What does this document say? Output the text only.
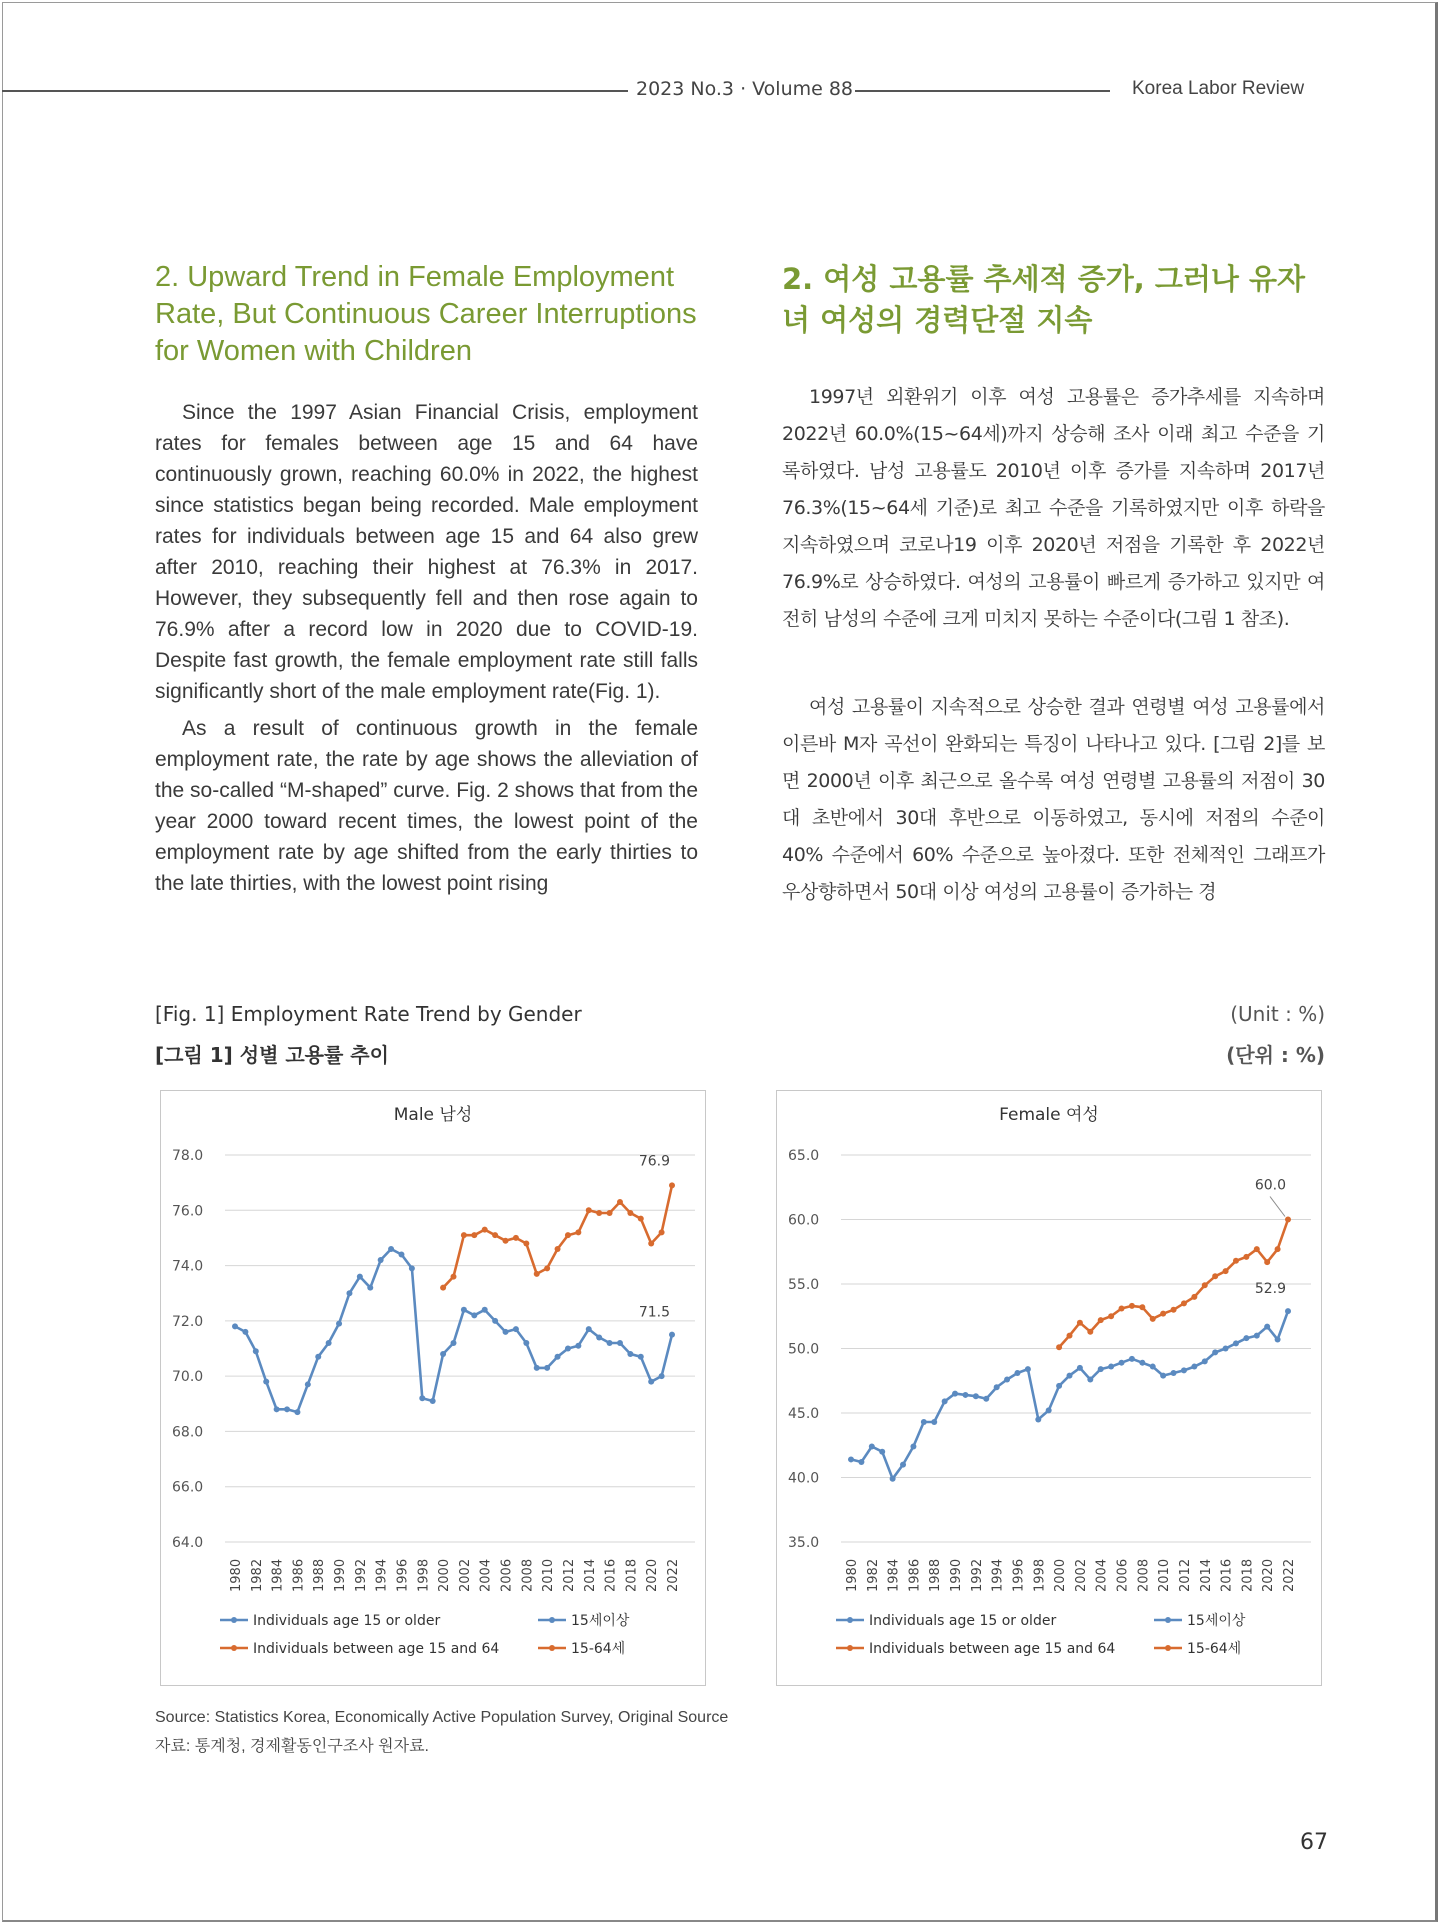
2023 No.3 · Volume 88	Korea Labor Review
2. Upward Trend in Female Employment Rate, But Continuous Career Interruptions for Women with Children

Since the 1997 Asian Financial Crisis, employment rates for females between age 15 and 64 have continuously grown, reaching 60.0% in 2022, the highest since statistics began being recorded. Male employment rates for individuals between age 15 and 64 also grew after 2010, reaching their highest at 76.3% in 2017. However, they subsequently fell and then rose again to 76.9% after a record low in 2020 due to COVID-19. Despite fast growth, the female employment rate still falls significantly short of the male employment rate(Fig. 1).

As a result of continuous growth in the female employment rate, the rate by age shows the alleviation of the so-called “M-shaped” curve. Fig. 2 shows that from the year 2000 toward recent times, the lowest point of the employment rate by age shifted from the early thirties to the late thirties, with the lowest point rising

2. 여성 고용률 추세적 증가, 그러나 유자녀 여성의 경력단절 지속

1997년 외환위기 이후 여성 고용률은 증가추세를 지속하며 2022년 60.0%(15~64세)까지 상승해 조사 이래 최고 수준을 기록하였다. 남성 고용률도 2010년 이후 증가를 지속하며 2017년 76.3%(15~64세 기준)로 최고 수준을 기록하였지만 이후 하락을 지속하였으며 코로나19 이후 2020년 저점을 기록한 후 2022년 76.9%로 상승하였다. 여성의 고용률이 빠르게 증가하고 있지만 여전히 남성의 수준에 크게 미치지 못하는 수준이다(그림 1 참조).

여성 고용률이 지속적으로 상승한 결과 연령별 여성 고용률에서 이른바 M자 곡선이 완화되는 특징이 나타나고 있다. [그림 2]를 보면 2000년 이후 최근으로 올수록 여성 연령별 고용률의 저점이 30대 초반에서 30대 후반으로 이동하였고, 동시에 저점의 수준이 40% 수준에서 60% 수준으로 높아졌다. 또한 전체적인 그래프가 우상향하면서 50대 이상 여성의 고용률이 증가하는 경

[Fig. 1] Employment Rate Trend by Gender
[그림 1] 성별 고용률 추이
(Unit : %)
(단위 : %)
Male 남성
64.0
66.0
68.0
70.0
72.0
74.0
76.0
78.0
1980 1982 1984 1986 1988 1990 1992 1994 1996 1998 2000 2002 2004 2006 2008 2010 2012 2014 2016 2018 2020 2022
76.9
71.5
Individuals age 15 or older	15세이상
Individuals between age 15 and 64	15-64세
Female 여성
35.0
40.0
45.0
50.0
55.0
60.0
65.0
1980 1982 1984 1986 1988 1990 1992 1994 1996 1998 2000 2002 2004 2006 2008 2010 2012 2014 2016 2018 2020 2022
60.0
52.9
Individuals age 15 or older	15세이상
Individuals between age 15 and 64	15-64세
Source: Statistics Korea, Economically Active Population Survey, Original Source
자료: 통계청, 경제활동인구조사 원자료.
67
